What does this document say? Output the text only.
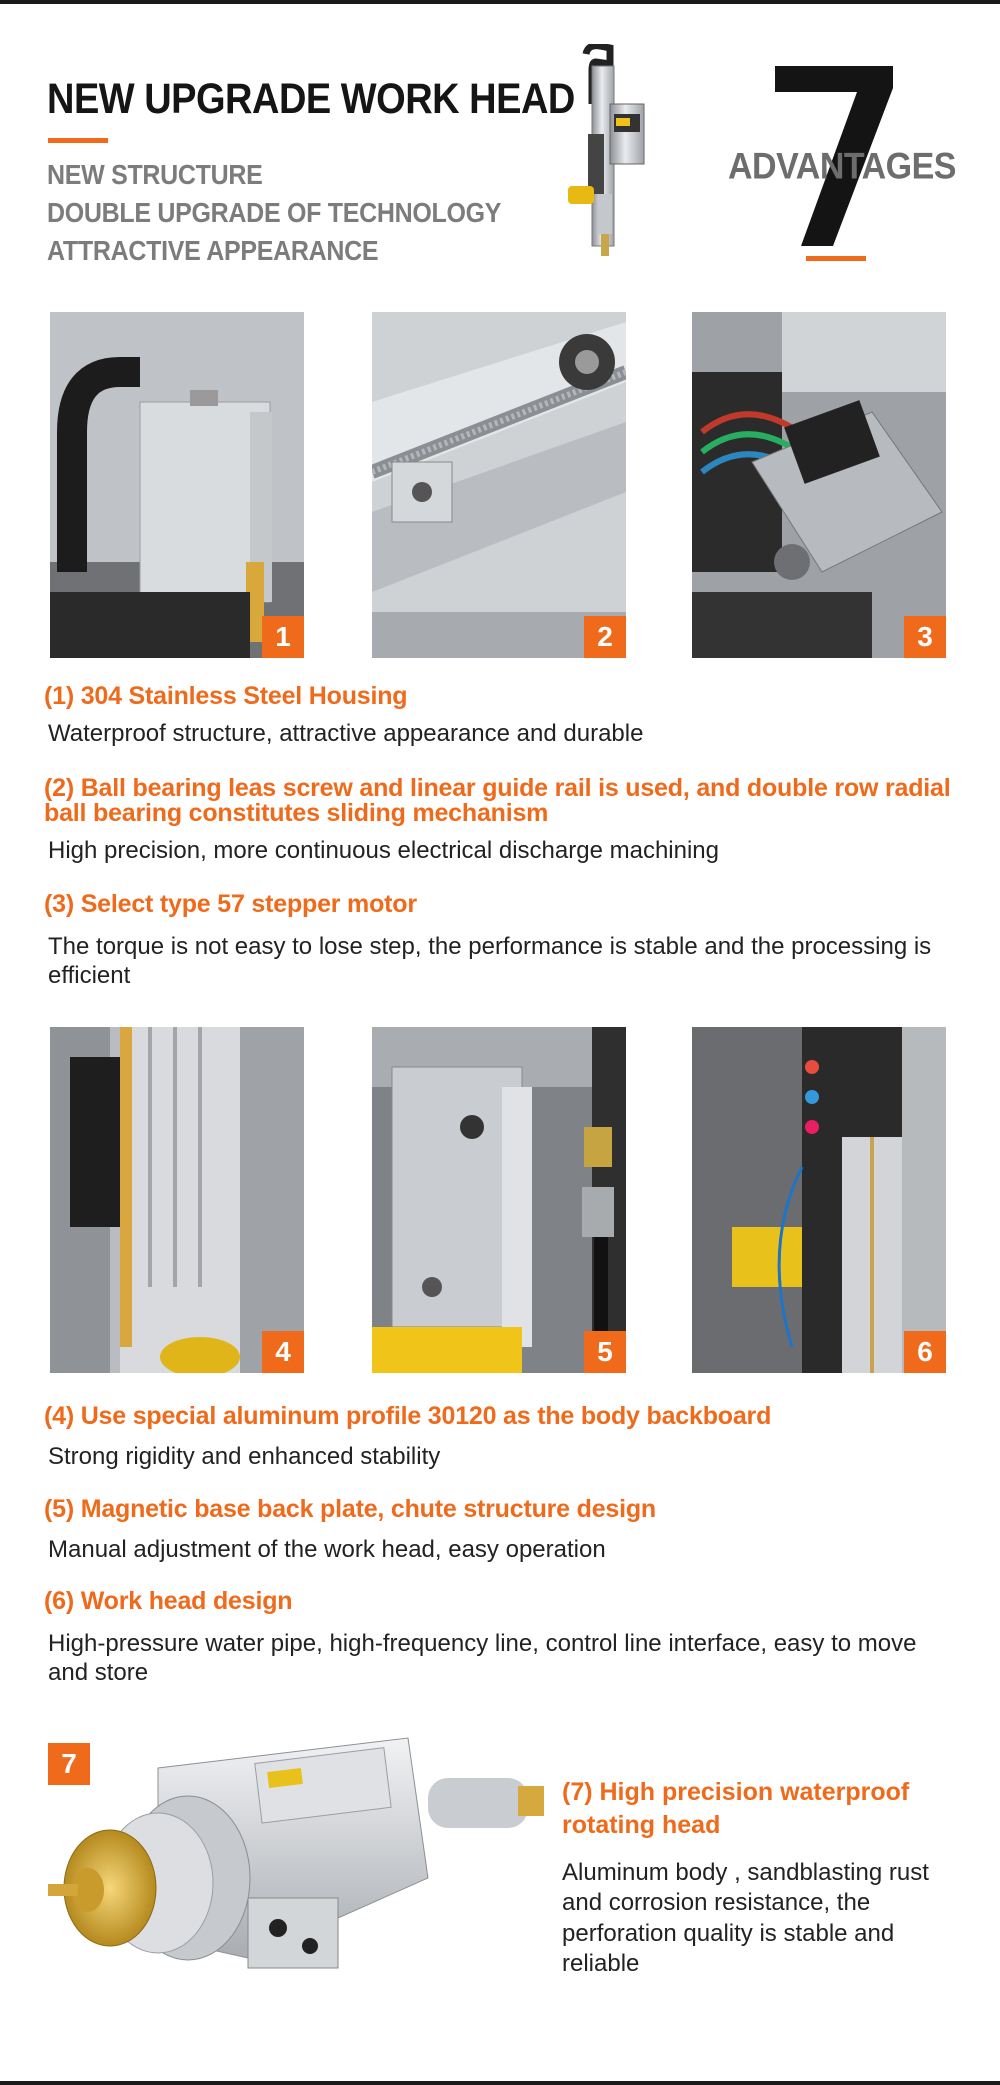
NEW UPGRADE WORK HEAD
NEW STRUCTURE
DOUBLE UPGRADE OF TECHNOLOGY
ATTRACTIVE APPEARANCE
ADVANTAGES
1	2	3
(1) 304 Stainless Steel Housing
Waterproof structure, attractive appearance and durable
(2) Ball bearing leas screw and linear guide rail is used, and double row radial ball bearing constitutes sliding mechanism
High precision, more continuous electrical discharge machining
(3) Select type 57 stepper motor
The torque is not easy to lose step, the performance is stable and the processing is efficient
4	5	6
(4) Use special aluminum profile 30120 as the body backboard
Strong rigidity and enhanced stability
(5) Magnetic base back plate, chute structure design
Manual adjustment of the work head, easy operation
(6) Work head design
High-pressure water pipe, high-frequency line, control line interface, easy to move and store
7
(7) High precision waterproof rotating head
Aluminum body , sandblasting rust and corrosion resistance, the perforation quality is stable and reliable
